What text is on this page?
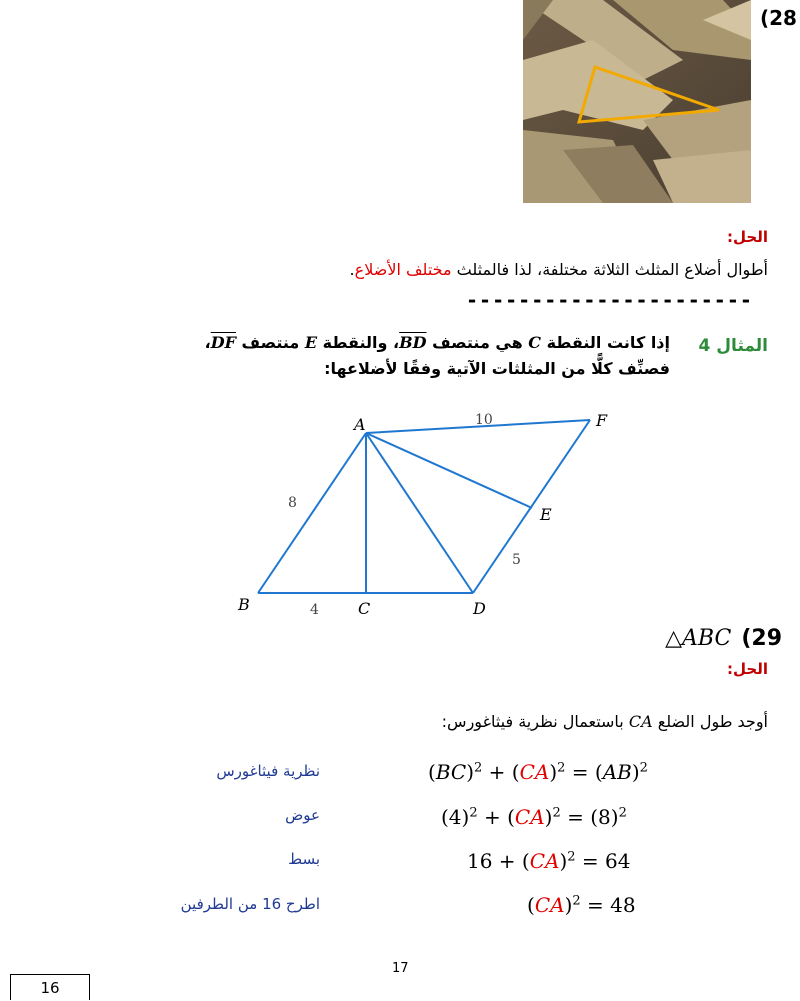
(28
الحل:
أطوال أضلاع المثلث الثلاثة مختلفة، لذا فالمثلث مختلف الأضلاع.
----------------------
المثال 4
إذا كانت النقطة C هي منتصف BD، والنقطة E منتصف DF،
فصنِّف كلًّا من المثلثات الآتية وفقًا لأضلاعها:
A
B	C	D
E
F
10
8
4
5
△ABC (29
الحل:
أوجد طول الضلع CA باستعمال نظرية فيثاغورس:
(BC)$^2$ + (CA)$^2$ = (AB)$^2$
نظرية فيثاغورس
$(4)^2 + (CA)^2 = (8)^2$
عوض
16 + (CA)$^2$ = 64
بسط
(CA)$^2$ = 48
اطرح 16 من الطرفين
17
16
